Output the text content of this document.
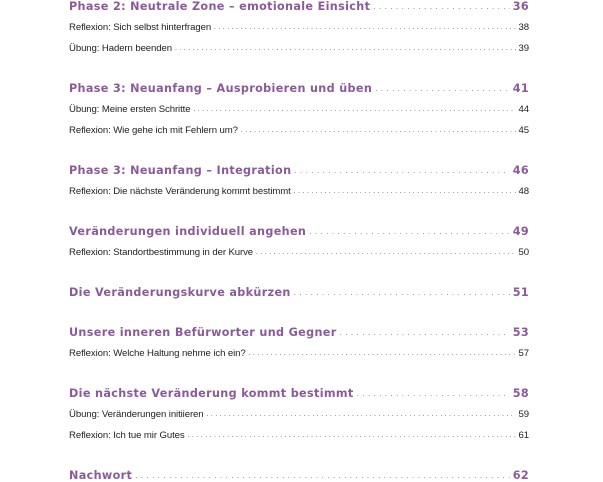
Phase 2: Neutrale Zone – emotionale Einsicht . . .	36
Reflexion: Sich selbst hinterfragen . . .	38
Übung: Hadern beenden . . .	39
Phase 3: Neuanfang – Ausprobieren und üben . . .	41
Übung: Meine ersten Schritte . . .	44
Reflexion: Wie gehe ich mit Fehlern um? . . .	45
Phase 3: Neuanfang – Integration . . .	46
Reflexion: Die nächste Veränderung kommt bestimmt . . .	48
Veränderungen individuell angehen . . .	49
Reflexion: Standortbestimmung in der Kurve . . .	50
Die Veränderungskurve abkürzen . . .	51
Unsere inneren Befürworter und Gegner . . .	53
Reflexion: Welche Haltung nehme ich ein? . . .	57
Die nächste Veränderung kommt bestimmt . . .	58
Übung: Veränderungen initiieren . . .	59
Reflexion: Ich tue mir Gutes . . .	61
Nachwort . . .	62
